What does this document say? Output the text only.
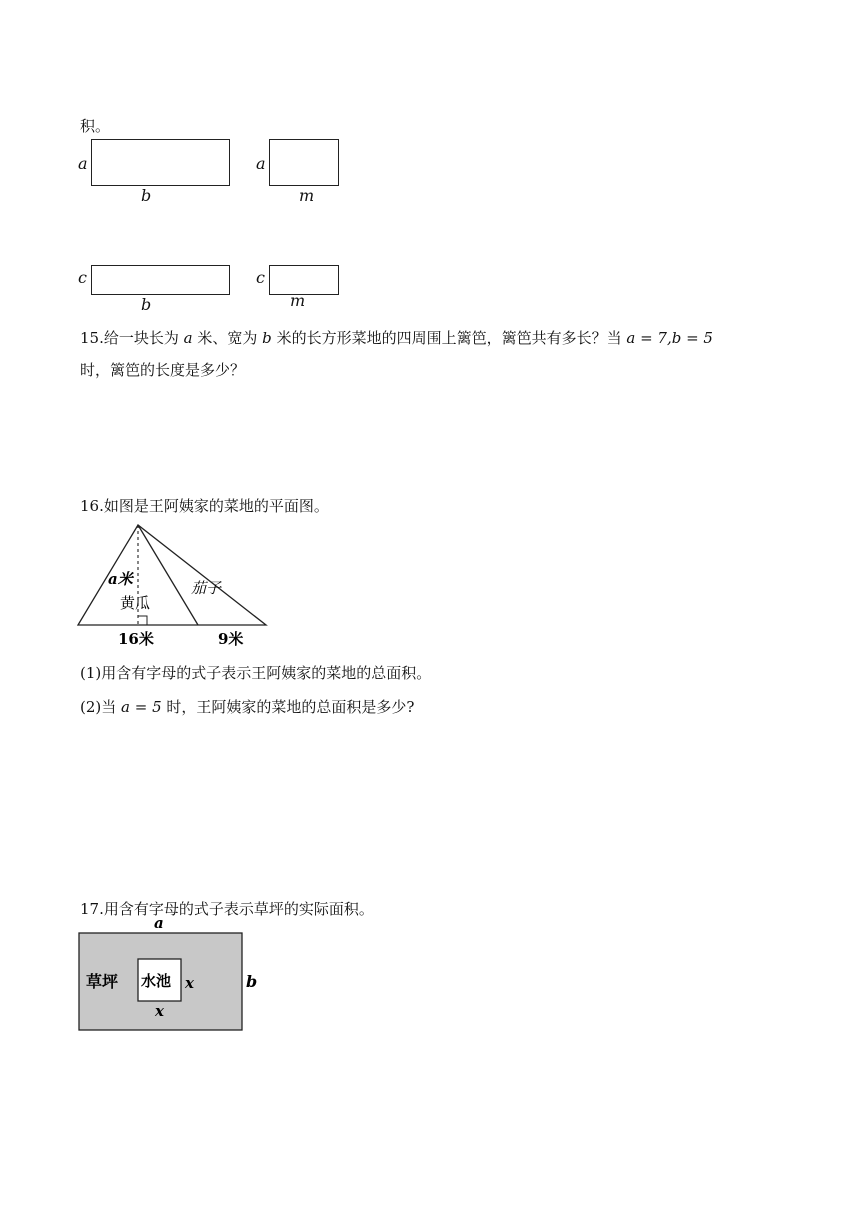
积。
a
b
a
m
c
b
c
m
15.给一块长为 a 米、宽为 b 米的长方形菜地的四周围上篱笆，篱笆共有多长？当 a = 7,b = 5
时，篱笆的长度是多少？
16.如图是王阿姨家的菜地的平面图。
a米
黄瓜
茄子
16米	9米
(1)用含有字母的式子表示王阿姨家的菜地的总面积。
(2)当 a = 5 时，王阿姨家的菜地的总面积是多少?
17.用含有字母的式子表示草坪的实际面积。
a
草坪 水池 x
x
b
